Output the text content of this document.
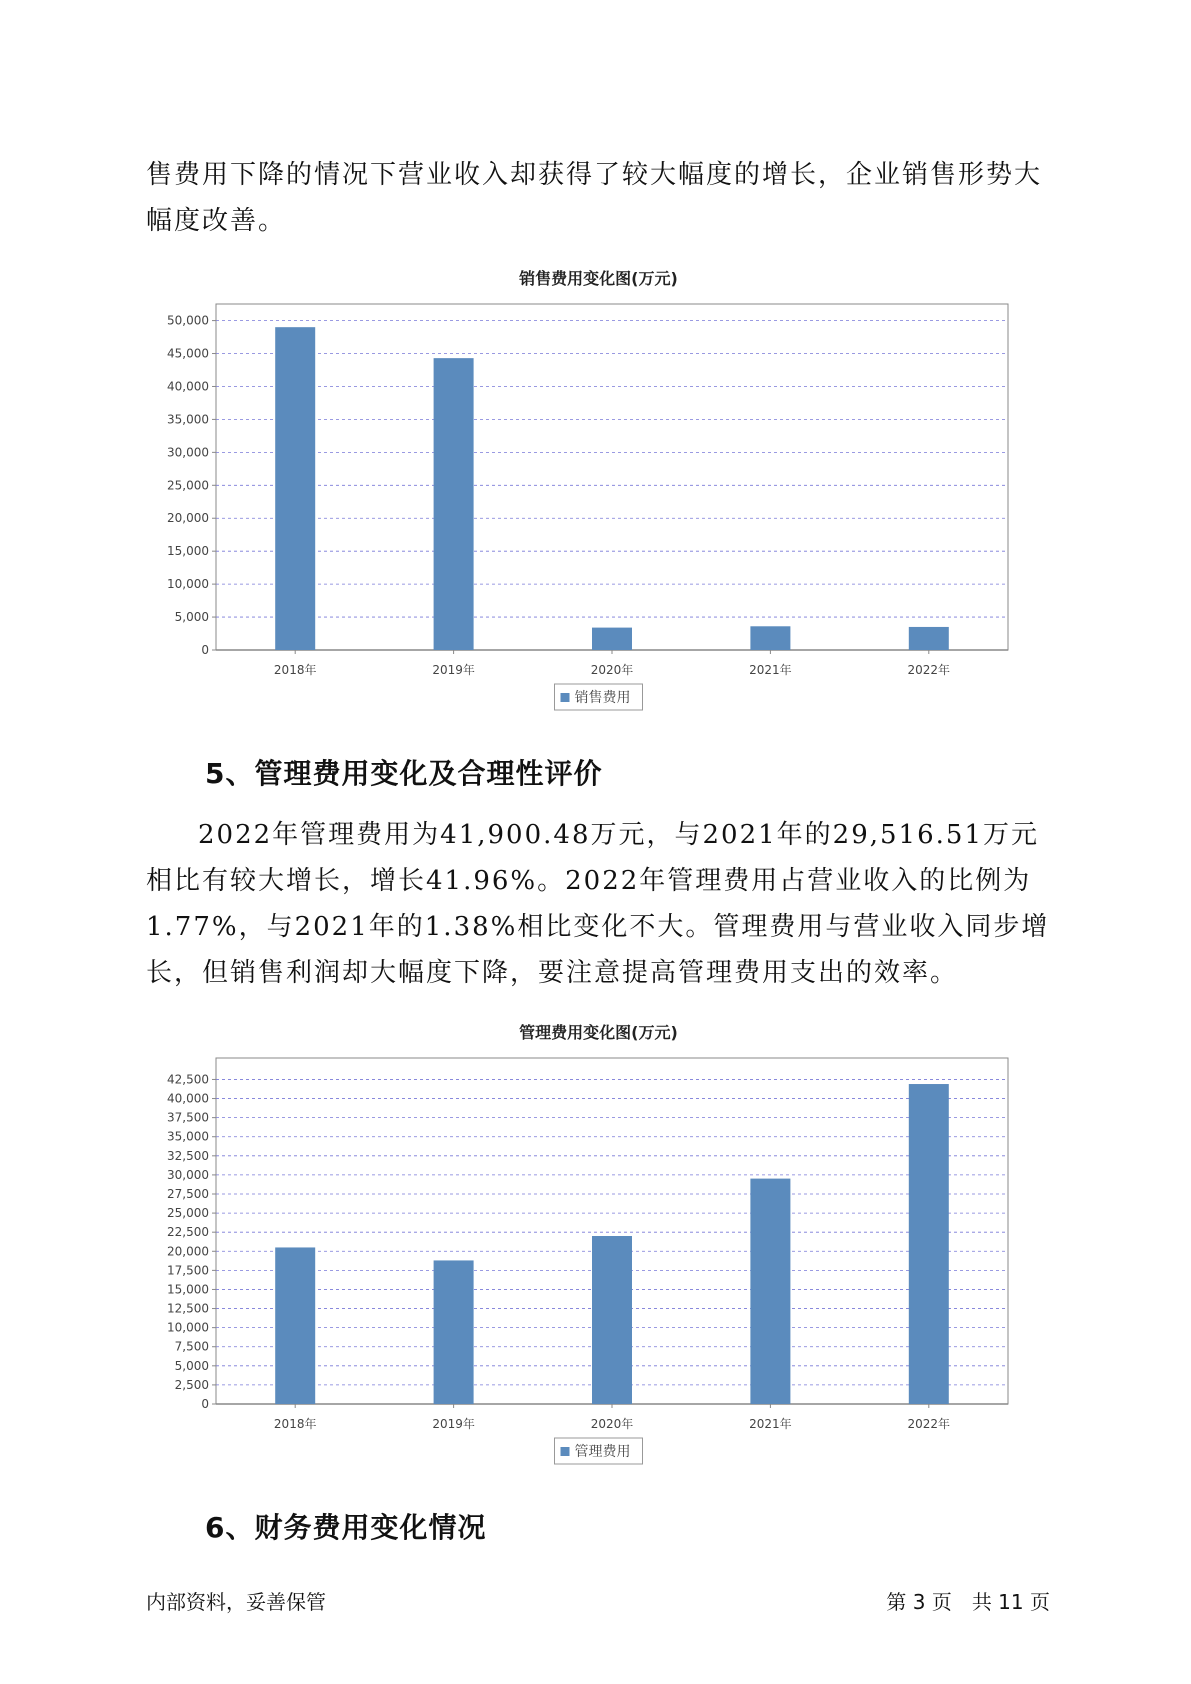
售费用下降的情况下营业收入却获得了较大幅度的增长，企业销售形势大幅度改善。

销售费用变化图(万元)
0
5,000
10,000
15,000
20,000
25,000
30,000
35,000
40,000
45,000
50,000
2018年	2019年	2020年	2021年	2022年
销售费用
5、管理费用变化及合理性评价

2022年管理费用为41,900.48万元，与2021年的29,516.51万元相比有较大增长，增长41.96%。2022年管理费用占营业收入的比例为1.77%，与2021年的1.38%相比变化不大。管理费用与营业收入同步增长，但销售利润却大幅度下降，要注意提高管理费用支出的效率。

管理费用变化图(万元)
0
2,500
5,000
7,500
10,000
12,500
15,000
17,500
20,000
22,500
25,000
27,500
30,000
32,500
35,000
37,500
40,000
42,500
2018年	2019年	2020年	2021年	2022年
管理费用
6、财务费用变化情况
内部资料，妥善保管	第 3 页　共 11 页
